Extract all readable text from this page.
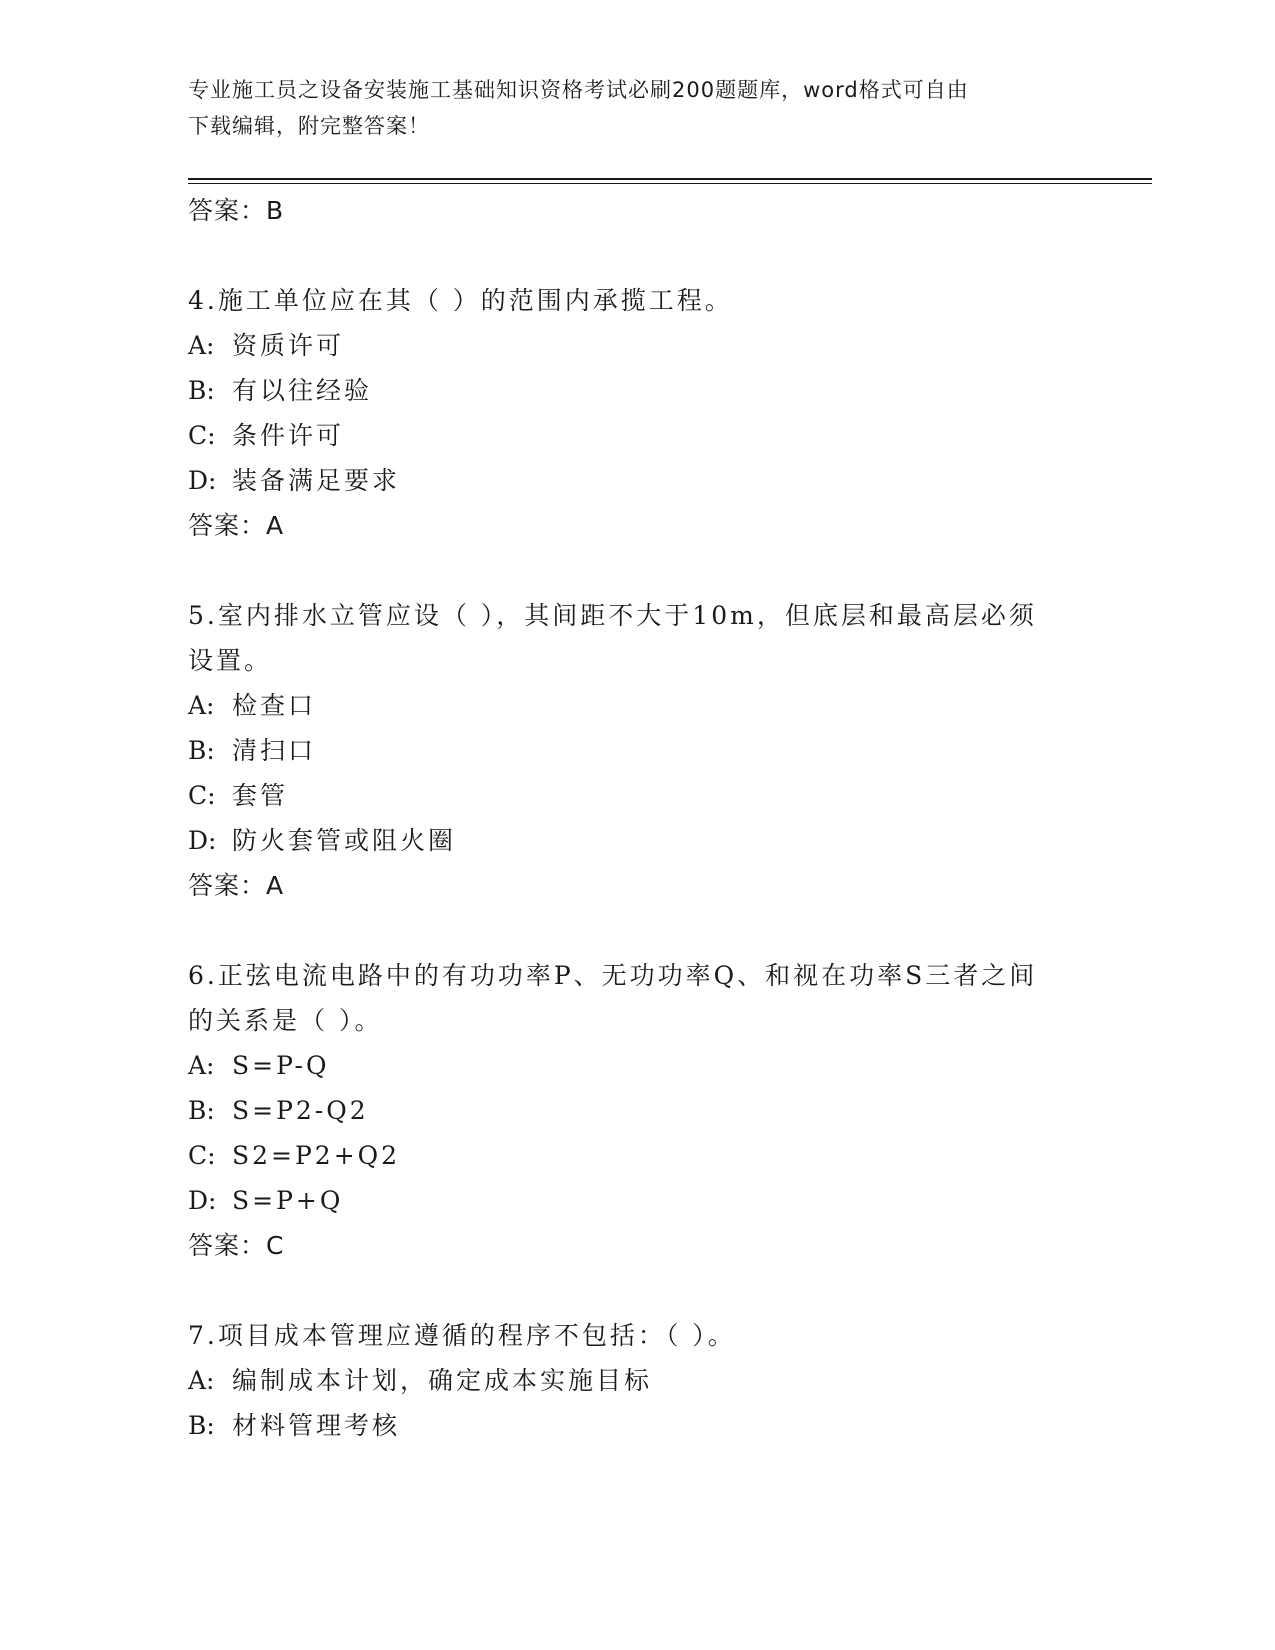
专业施工员之设备安装施工基础知识资格考试必刷200题题库，word格式可自由
下载编辑，附完整答案！
答案：B
4.施工单位应在其（ ）的范围内承揽工程。
A: 资质许可
B: 有以往经验
C: 条件许可
D: 装备满足要求
答案：A
5.室内排水立管应设（ ），其间距不大于10m，但底层和最高层必须
设置。
A: 检查口
B: 清扫口
C: 套管
D: 防火套管或阻火圈
答案：A
6.正弦电流电路中的有功功率P、无功功率Q、和视在功率S三者之间
的关系是（ ）。
A: S=P-Q
B: S=P2-Q2
C: S2=P2+Q2
D: S=P+Q
答案：C
7.项目成本管理应遵循的程序不包括：（ ）。
A: 编制成本计划，确定成本实施目标
B: 材料管理考核
